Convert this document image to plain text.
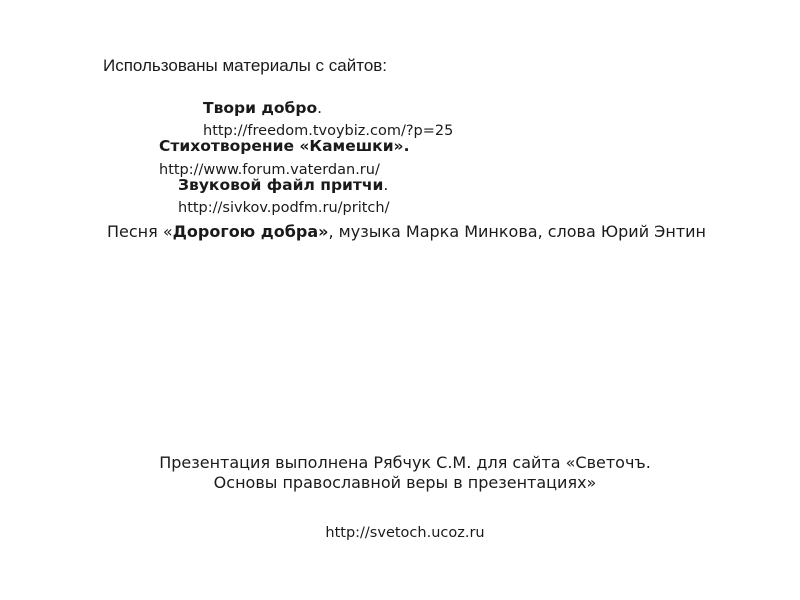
Использованы материалы с сайтов:
Твори добро.
http://freedom.tvoybiz.com/?p=25
Стихотворение «Камешки».
http://www.forum.vaterdan.ru/
Звуковой файл притчи.
http://sivkov.podfm.ru/pritch/
Песня «Дорогою добра», музыка Марка Минкова, слова Юрий Энтин
Презентация выполнена Рябчук С.М. для сайта «Светочъ. Основы православной веры в презентациях»
http://svetoch.ucoz.ru
